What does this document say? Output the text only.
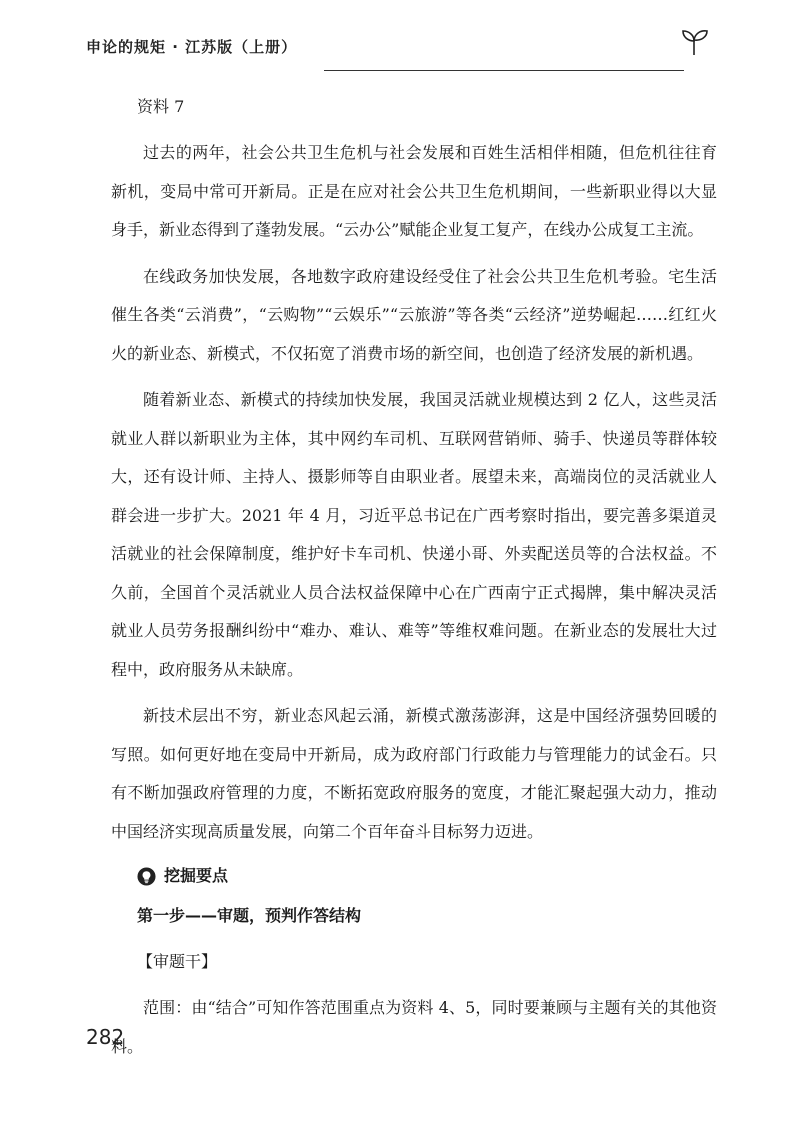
申论的规矩 · 江苏版（上册）
资料 7

过去的两年，社会公共卫生危机与社会发展和百姓生活相伴相随，但危机往往育新机，变局中常可开新局。正是在应对社会公共卫生危机期间，一些新职业得以大显身手，新业态得到了蓬勃发展。“云办公”赋能企业复工复产，在线办公成复工主流。

在线政务加快发展，各地数字政府建设经受住了社会公共卫生危机考验。宅生活催生各类“云消费”，“云购物”“云娱乐”“云旅游”等各类“云经济”逆势崛起……红红火火的新业态、新模式，不仅拓宽了消费市场的新空间，也创造了经济发展的新机遇。

随着新业态、新模式的持续加快发展，我国灵活就业规模达到 2 亿人，这些灵活就业人群以新职业为主体，其中网约车司机、互联网营销师、骑手、快递员等群体较大，还有设计师、主持人、摄影师等自由职业者。展望未来，高端岗位的灵活就业人群会进一步扩大。2021 年 4 月，习近平总书记在广西考察时指出，要完善多渠道灵活就业的社会保障制度，维护好卡车司机、快递小哥、外卖配送员等的合法权益。不久前，全国首个灵活就业人员合法权益保障中心在广西南宁正式揭牌，集中解决灵活就业人员劳务报酬纠纷中“难办、难认、难等”等维权难问题。在新业态的发展壮大过程中，政府服务从未缺席。

新技术层出不穷，新业态风起云涌，新模式激荡澎湃，这是中国经济强势回暖的写照。如何更好地在变局中开新局，成为政府部门行政能力与管理能力的试金石。只有不断加强政府管理的力度，不断拓宽政府服务的宽度，才能汇聚起强大动力，推动中国经济实现高质量发展，向第二个百年奋斗目标努力迈进。

挖掘要点
第一步——审题，预判作答结构
【审题干】

范围：由“结合”可知作答范围重点为资料 4、5，同时要兼顾与主题有关的其他资料。

282
